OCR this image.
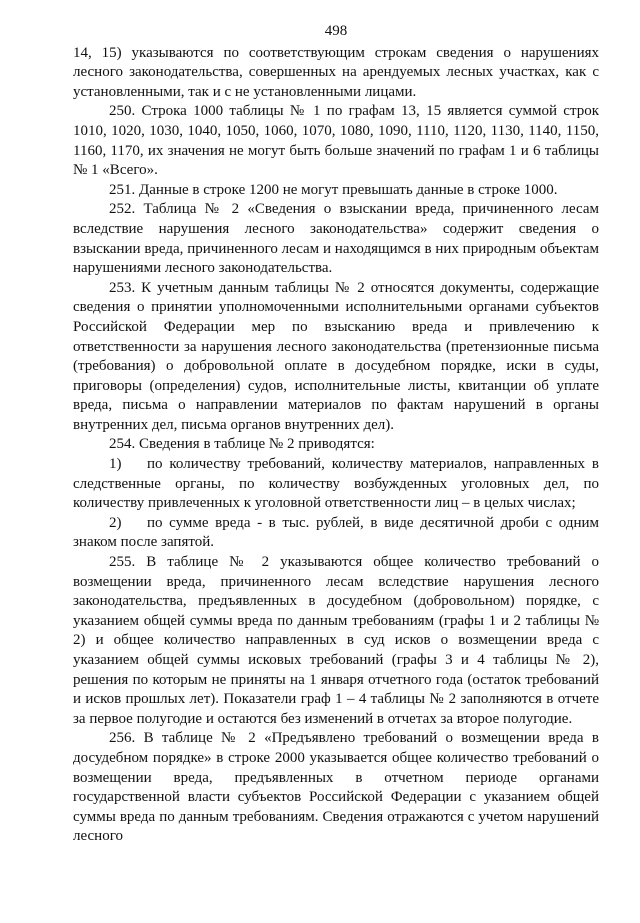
498

14, 15) указываются по соответствующим строкам сведения о нарушениях лесного законодательства, совершенных на арендуемых лесных участках, как с установленными, так и с не установленными лицами.

250. Строка 1000 таблицы № 1 по графам 13, 15 является суммой строк 1010, 1020, 1030, 1040, 1050, 1060, 1070, 1080, 1090, 1110, 1120, 1130, 1140, 1150, 1160, 1170, их значения не могут быть больше значений по графам 1 и 6 таблицы № 1 «Всего».

251. Данные в строке 1200 не могут превышать данные в строке 1000.

252. Таблица № 2 «Сведения о взыскании вреда, причиненного лесам вследствие нарушения лесного законодательства» содержит сведения о взыскании вреда, причиненного лесам и находящимся в них природным объектам нарушениями лесного законодательства.

253. К учетным данным таблицы № 2 относятся документы, содержащие сведения о принятии уполномоченными исполнительными органами субъектов Российской Федерации мер по взысканию вреда и привлечению к ответственности за нарушения лесного законодательства (претензионные письма (требования) о добровольной оплате в досудебном порядке, иски в суды, приговоры (определения) судов, исполнительные листы, квитанции об уплате вреда, письма о направлении материалов по фактам нарушений в органы внутренних дел, письма органов внутренних дел).

254. Сведения в таблице № 2 приводятся:

1) по количеству требований, количеству материалов, направленных в следственные органы, по количеству возбужденных уголовных дел, по количеству привлеченных к уголовной ответственности лиц – в целых числах;

2) по сумме вреда - в тыс. рублей, в виде десятичной дроби с одним знаком после запятой.

255. В таблице № 2 указываются общее количество требований о возмещении вреда, причиненного лесам вследствие нарушения лесного законодательства, предъявленных в досудебном (добровольном) порядке, с указанием общей суммы вреда по данным требованиям (графы 1 и 2 таблицы № 2) и общее количество направленных в суд исков о возмещении вреда с указанием общей суммы исковых требований (графы 3 и 4 таблицы № 2), решения по которым не приняты на 1 января отчетного года (остаток требований и исков прошлых лет). Показатели граф 1 – 4 таблицы № 2 заполняются в отчете за первое полугодие и остаются без изменений в отчетах за второе полугодие.

256. В таблице № 2 «Предъявлено требований о возмещении вреда в досудебном порядке» в строке 2000 указывается общее количество требований о возмещении вреда, предъявленных в отчетном периоде органами государственной власти субъектов Российской Федерации с указанием общей суммы вреда по данным требованиям. Сведения отражаются с учетом нарушений лесного
